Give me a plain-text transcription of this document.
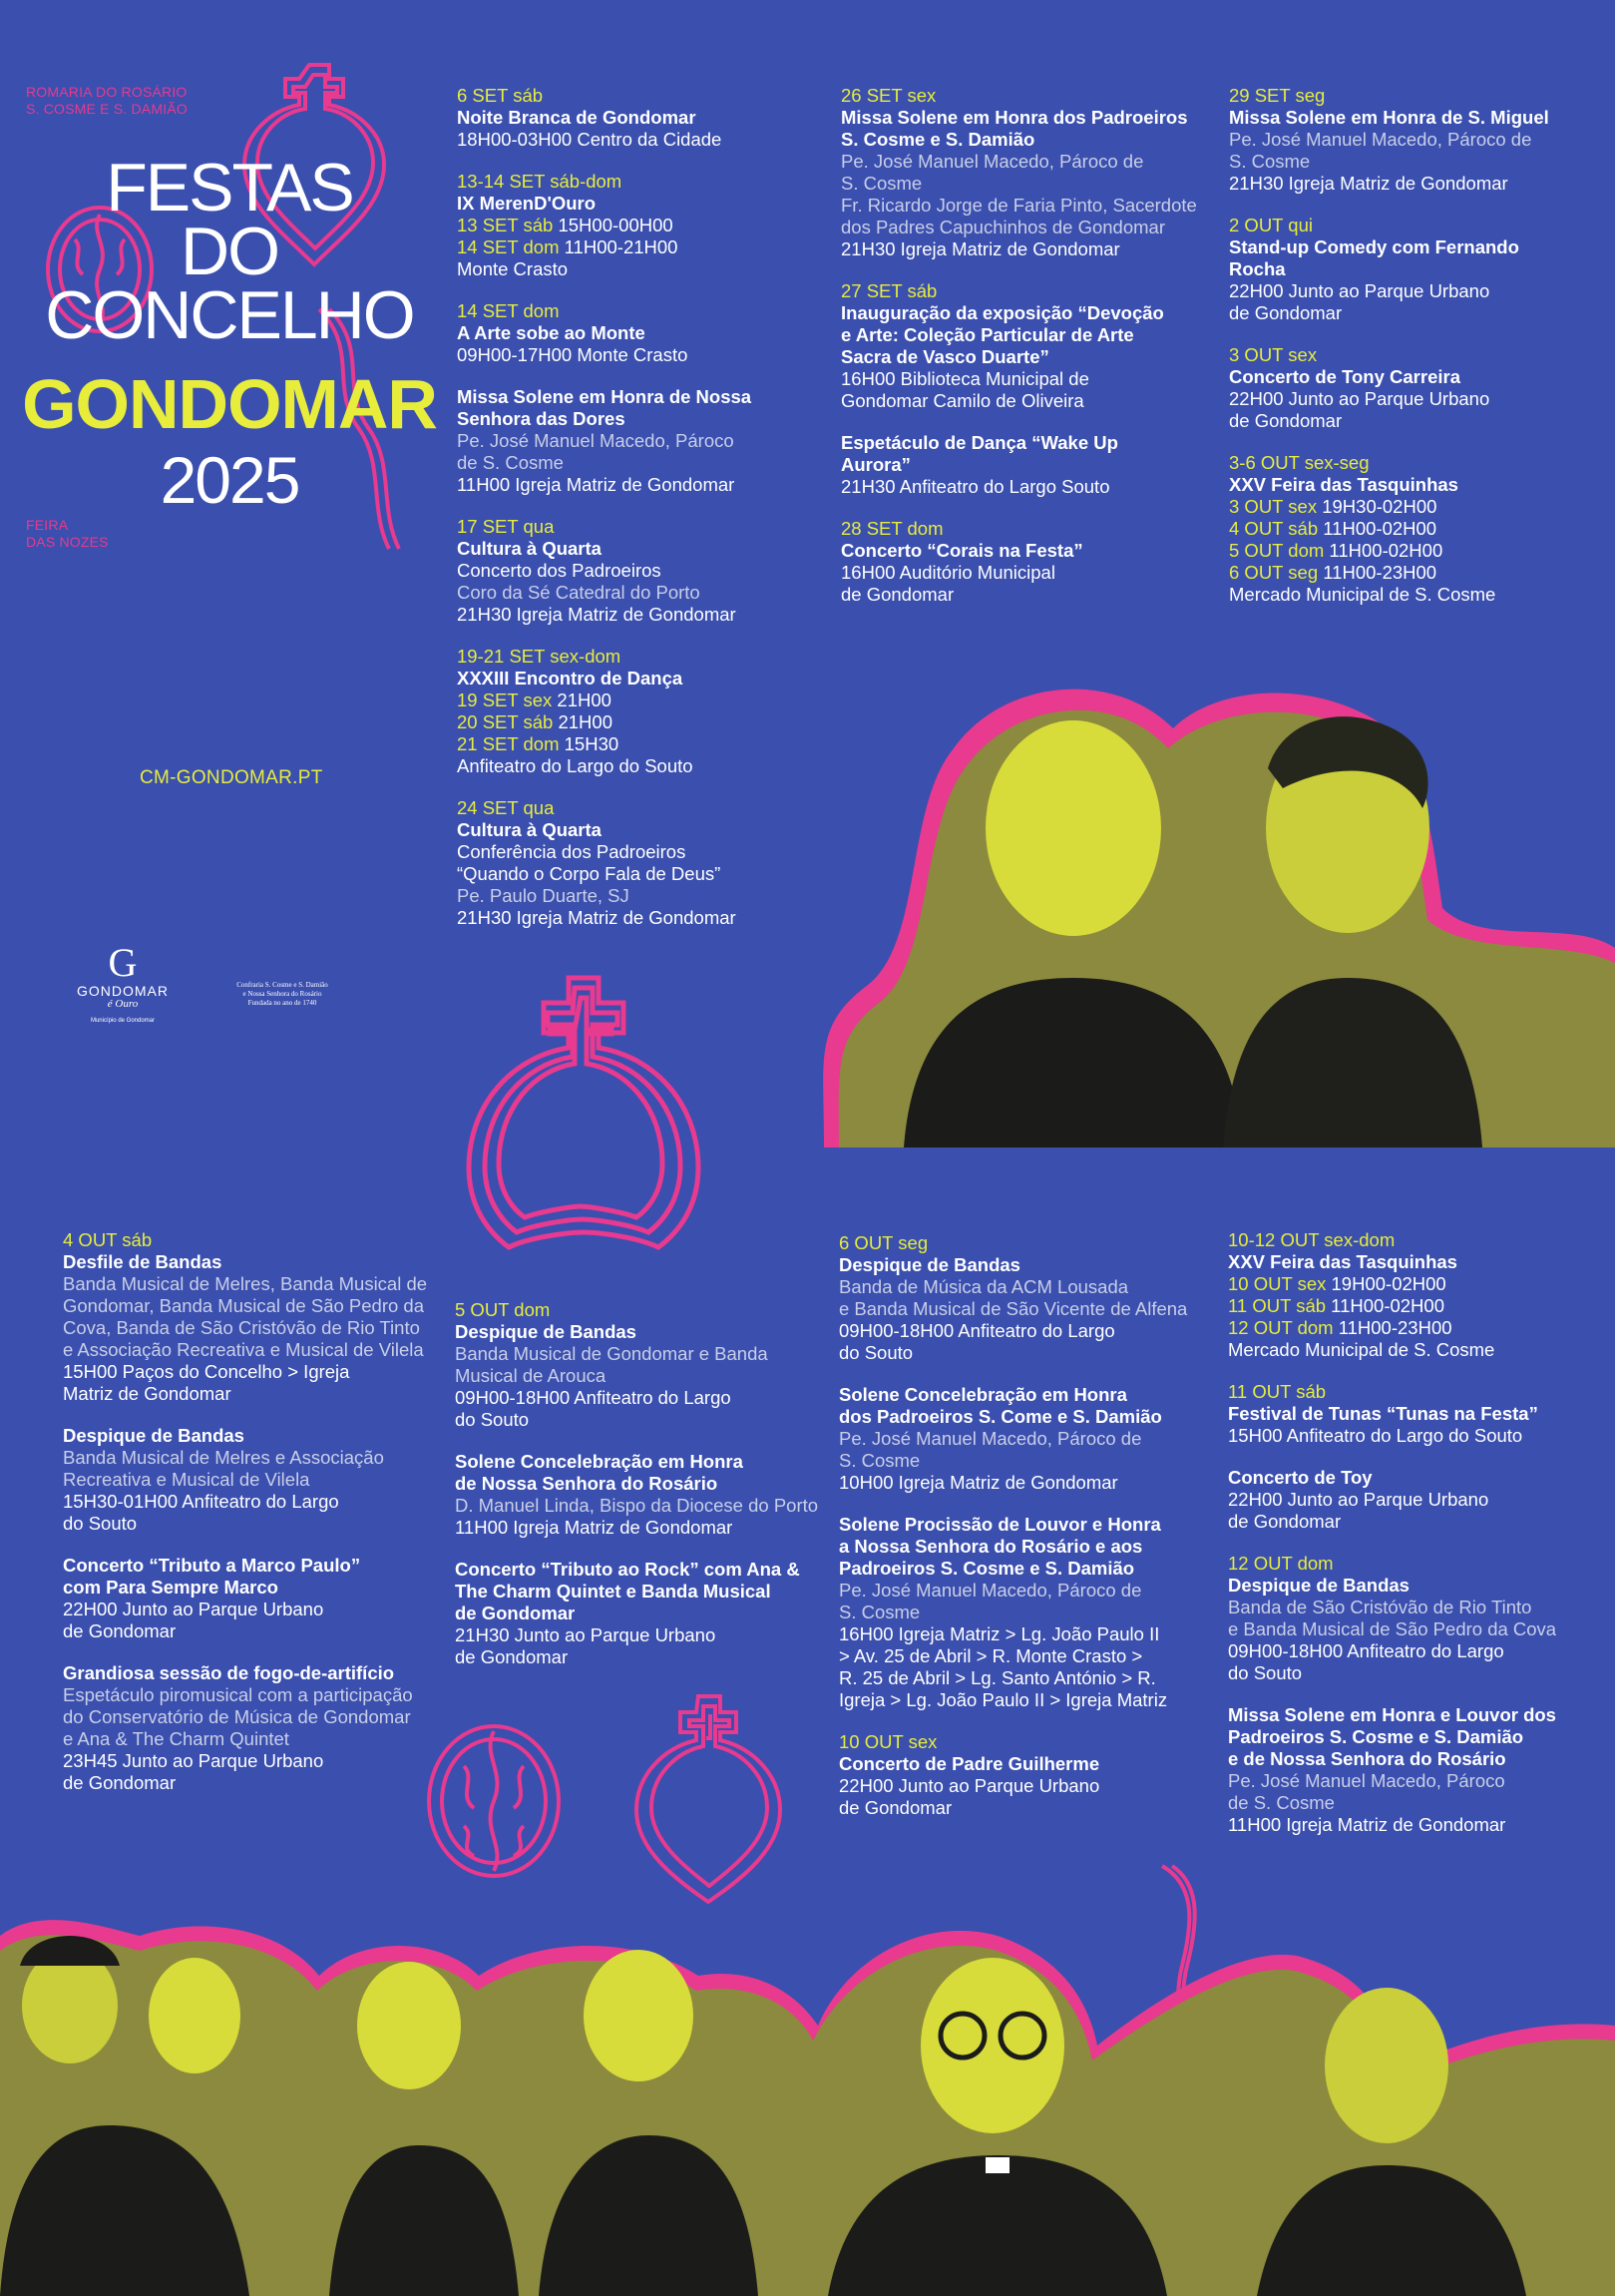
ROMARIA DO ROSÁRIO
S. COSME E S. DAMIÃO
FESTAS
DO
CONCELHO
GONDOMAR
2025
FEIRA
DAS NOZES
CM-GONDOMAR.PT
G
GONDOMAR
é Ouro
Município de Gondomar
Confraria S. Cosme e S. Damião
e Nossa Senhora do Rosário
Fundada no ano de 1740
6 SET sáb
Noite Branca de Gondomar
18H00-03H00 Centro da Cidade
13-14 SET sáb-dom
IX MerenD'Ouro
13 SET sáb 15H00-00H00
14 SET dom 11H00-21H00
Monte Crasto
14 SET dom
A Arte sobe ao Monte
09H00-17H00 Monte Crasto
Missa Solene em Honra de Nossa
Senhora das Dores
Pe. José Manuel Macedo, Pároco
de S. Cosme
11H00 Igreja Matriz de Gondomar
17 SET qua
Cultura à Quarta
Concerto dos Padroeiros
Coro da Sé Catedral do Porto
21H30 Igreja Matriz de Gondomar
19-21 SET sex-dom
XXXIII Encontro de Dança
19 SET sex 21H00
20 SET sáb 21H00
21 SET dom 15H30
Anfiteatro do Largo do Souto
24 SET qua
Cultura à Quarta
Conferência dos Padroeiros
“Quando o Corpo Fala de Deus”
Pe. Paulo Duarte, SJ
21H30 Igreja Matriz de Gondomar
26 SET sex
Missa Solene em Honra dos Padroeiros
S. Cosme e S. Damião
Pe. José Manuel Macedo, Pároco de
S. Cosme
Fr. Ricardo Jorge de Faria Pinto, Sacerdote
dos Padres Capuchinhos de Gondomar
21H30 Igreja Matriz de Gondomar
27 SET sáb
Inauguração da exposição “Devoção
e Arte: Coleção Particular de Arte
Sacra de Vasco Duarte”
16H00 Biblioteca Municipal de
Gondomar Camilo de Oliveira
Espetáculo de Dança “Wake Up
Aurora”
21H30 Anfiteatro do Largo Souto
28 SET dom
Concerto “Corais na Festa”
16H00 Auditório Municipal
de Gondomar
29 SET seg
Missa Solene em Honra de S. Miguel
Pe. José Manuel Macedo, Pároco de
S. Cosme
21H30 Igreja Matriz de Gondomar
2 OUT qui
Stand-up Comedy com Fernando
Rocha
22H00 Junto ao Parque Urbano
de Gondomar
3 OUT sex
Concerto de Tony Carreira
22H00 Junto ao Parque Urbano
de Gondomar
3-6 OUT sex-seg
XXV Feira das Tasquinhas
3 OUT sex 19H30-02H00
4 OUT sáb 11H00-02H00
5 OUT dom 11H00-02H00
6 OUT seg 11H00-23H00
Mercado Municipal de S. Cosme
4 OUT sáb
Desfile de Bandas
Banda Musical de Melres, Banda Musical de
Gondomar, Banda Musical de São Pedro da
Cova, Banda de São Cristóvão de Rio Tinto
e Associação Recreativa e Musical de Vilela
15H00 Paços do Concelho > Igreja
Matriz de Gondomar
Despique de Bandas
Banda Musical de Melres e Associação
Recreativa e Musical de Vilela
15H30-01H00 Anfiteatro do Largo
do Souto
Concerto “Tributo a Marco Paulo”
com Para Sempre Marco
22H00 Junto ao Parque Urbano
de Gondomar
Grandiosa sessão de fogo-de-artifício
Espetáculo piromusical com a participação
do Conservatório de Música de Gondomar
e Ana & The Charm Quintet
23H45 Junto ao Parque Urbano
de Gondomar
5 OUT dom
Despique de Bandas
Banda Musical de Gondomar e Banda
Musical de Arouca
09H00-18H00 Anfiteatro do Largo
do Souto
Solene Concelebração em Honra
de Nossa Senhora do Rosário
D. Manuel Linda, Bispo da Diocese do Porto
11H00 Igreja Matriz de Gondomar
Concerto “Tributo ao Rock” com Ana &
The Charm Quintet e Banda Musical
de Gondomar
21H30 Junto ao Parque Urbano
de Gondomar
6 OUT seg
Despique de Bandas
Banda de Música da ACM Lousada
e Banda Musical de São Vicente de Alfena
09H00-18H00 Anfiteatro do Largo
do Souto
Solene Concelebração em Honra
dos Padroeiros S. Come e S. Damião
Pe. José Manuel Macedo, Pároco de
S. Cosme
10H00 Igreja Matriz de Gondomar
Solene Procissão de Louvor e Honra
a Nossa Senhora do Rosário e aos
Padroeiros S. Cosme e S. Damião
Pe. José Manuel Macedo, Pároco de
S. Cosme
16H00 Igreja Matriz > Lg. João Paulo II
> Av. 25 de Abril > R. Monte Crasto >
R. 25 de Abril > Lg. Santo António > R.
Igreja > Lg. João Paulo II > Igreja Matriz
10 OUT sex
Concerto de Padre Guilherme
22H00 Junto ao Parque Urbano
de Gondomar
10-12 OUT sex-dom
XXV Feira das Tasquinhas
10 OUT sex 19H00-02H00
11 OUT sáb 11H00-02H00
12 OUT dom 11H00-23H00
Mercado Municipal de S. Cosme
11 OUT sáb
Festival de Tunas “Tunas na Festa”
15H00 Anfiteatro do Largo do Souto
Concerto de Toy
22H00 Junto ao Parque Urbano
de Gondomar
12 OUT dom
Despique de Bandas
Banda de São Cristóvão de Rio Tinto
e Banda Musical de São Pedro da Cova
09H00-18H00 Anfiteatro do Largo
do Souto
Missa Solene em Honra e Louvor dos
Padroeiros S. Cosme e S. Damião
e de Nossa Senhora do Rosário
Pe. José Manuel Macedo, Pároco
de S. Cosme
11H00 Igreja Matriz de Gondomar
